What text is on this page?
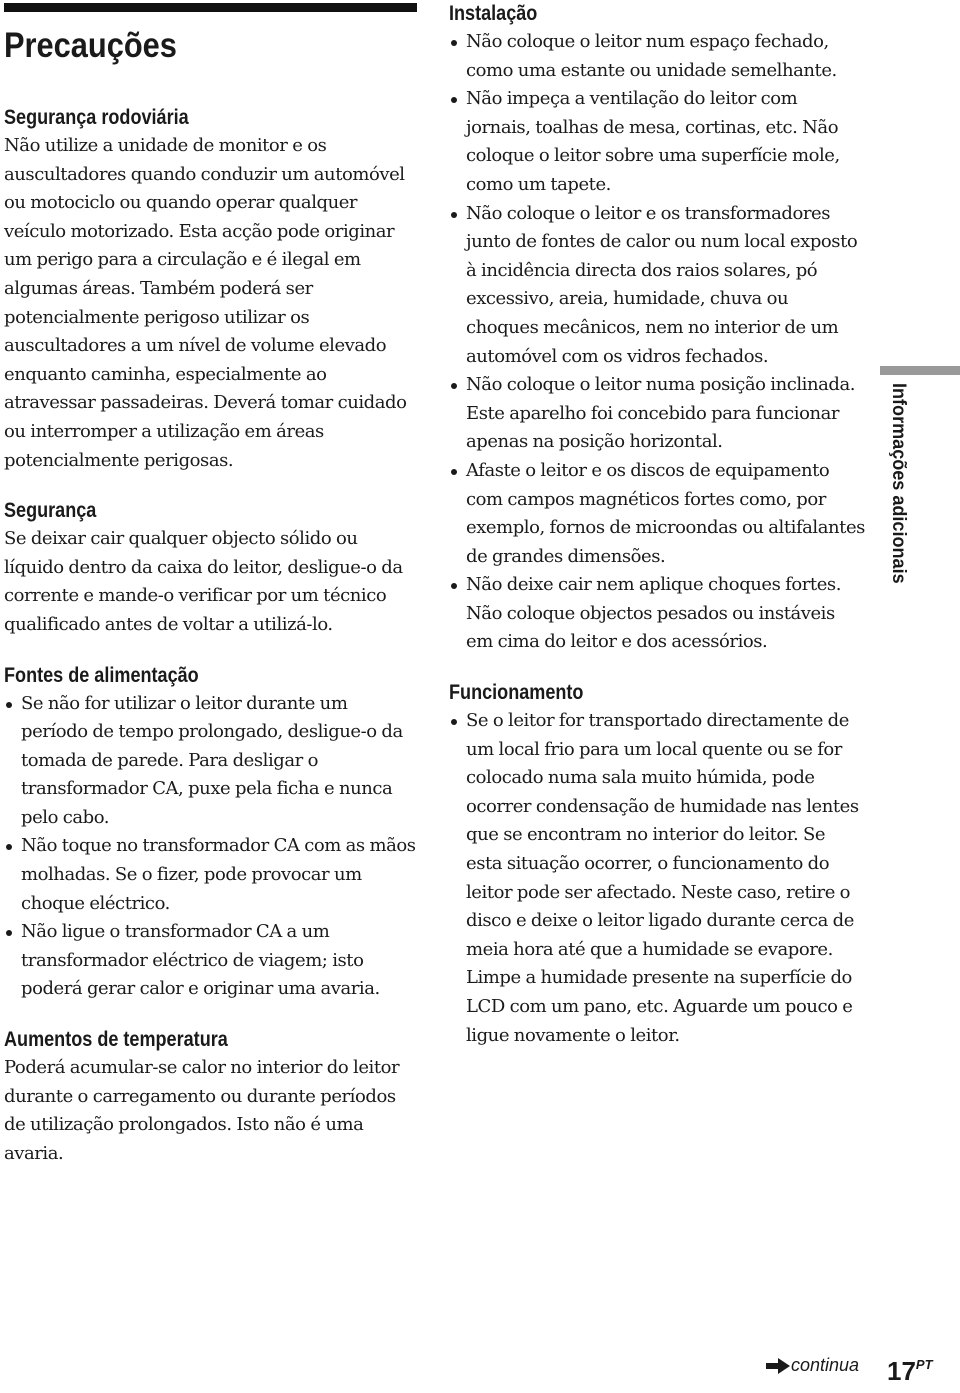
Precauções
Segurança rodoviária

Não utilize a unidade de monitor e os auscultadores quando conduzir um automóvel ou motociclo ou quando operar qualquer veículo motorizado. Esta acção pode originar um perigo para a circulação e é ilegal em algumas áreas. Também poderá ser potencialmente perigoso utilizar os auscultadores a um nível de volume elevado enquanto caminha, especialmente ao atravessar passadeiras. Deverá tomar cuidado ou interromper a utilização em áreas potencialmente perigosas.

Segurança

Se deixar cair qualquer objecto sólido ou líquido dentro da caixa do leitor, desligue-o da corrente e mande-o verificar por um técnico qualificado antes de voltar a utilizá-lo.

Fontes de alimentação
Se não for utilizar o leitor durante um período de tempo prolongado, desligue-o da tomada de parede. Para desligar o transformador CA, puxe pela ficha e nunca pelo cabo.
Não toque no transformador CA com as mãos molhadas. Se o fizer, pode provocar um choque eléctrico.
Não ligue o transformador CA a um transformador eléctrico de viagem; isto poderá gerar calor e originar uma avaria.
Aumentos de temperatura

Poderá acumular-se calor no interior do leitor durante o carregamento ou durante períodos de utilização prolongados. Isto não é uma avaria.

Instalação
Não coloque o leitor num espaço fechado, como uma estante ou unidade semelhante.
Não impeça a ventilação do leitor com jornais, toalhas de mesa, cortinas, etc. Não coloque o leitor sobre uma superfície mole, como um tapete.
Não coloque o leitor e os transformadores junto de fontes de calor ou num local exposto à incidência directa dos raios solares, pó excessivo, areia, humidade, chuva ou choques mecânicos, nem no interior de um automóvel com os vidros fechados.
Não coloque o leitor numa posição inclinada. Este aparelho foi concebido para funcionar apenas na posição horizontal.
Afaste o leitor e os discos de equipamento com campos magnéticos fortes como, por exemplo, fornos de microondas ou altifalantes de grandes dimensões.
Não deixe cair nem aplique choques fortes. Não coloque objectos pesados ou instáveis em cima do leitor e dos acessórios.
Funcionamento
Se o leitor for transportado directamente de um local frio para um local quente ou se for colocado numa sala muito húmida, pode ocorrer condensação de humidade nas lentes que se encontram no interior do leitor. Se esta situação ocorrer, o funcionamento do leitor pode ser afectado. Neste caso, retire o disco e deixe o leitor ligado durante cerca de meia hora até que a humidade se evapore. Limpe a humidade presente na superfície do LCD com um pano, etc. Aguarde um pouco e ligue novamente o leitor.
Informações adicionais
continua $17^{PT}$
